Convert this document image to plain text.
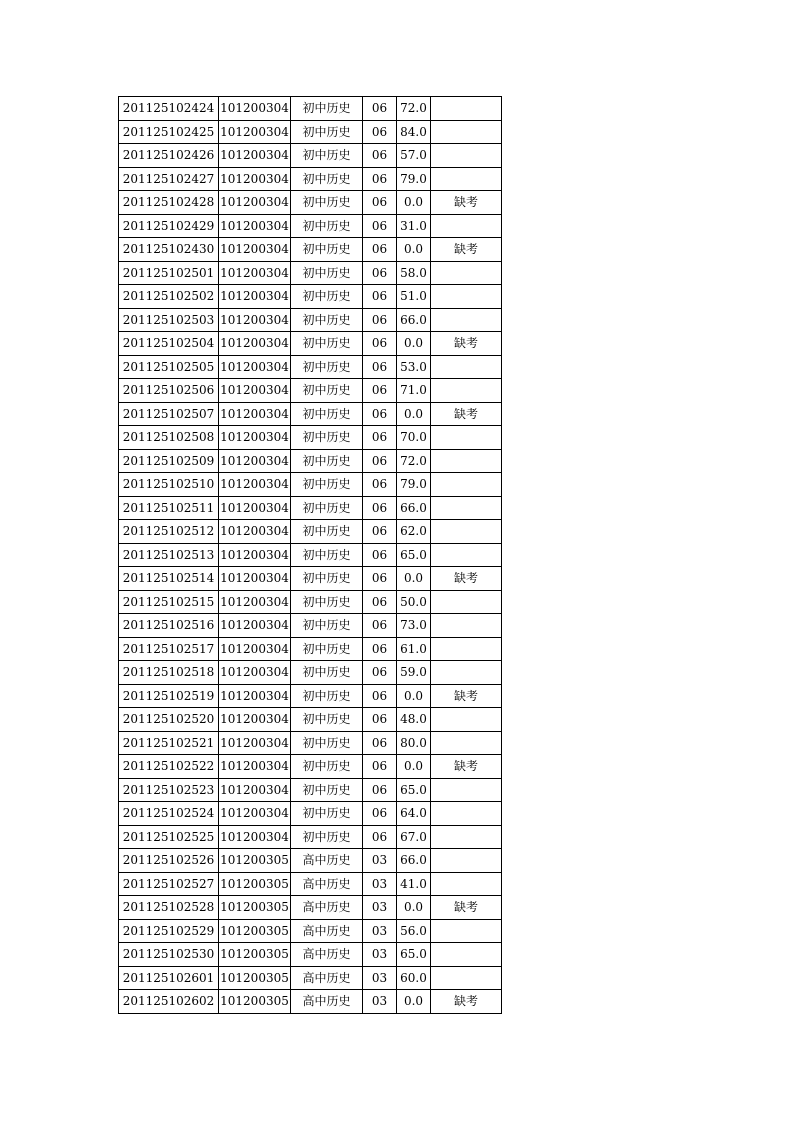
201125102424	101200304	初中历史	06	72.0	
201125102425	101200304	初中历史	06	84.0	
201125102426	101200304	初中历史	06	57.0	
201125102427	101200304	初中历史	06	79.0	
201125102428	101200304	初中历史	06	0.0	缺考
201125102429	101200304	初中历史	06	31.0	
201125102430	101200304	初中历史	06	0.0	缺考
201125102501	101200304	初中历史	06	58.0	
201125102502	101200304	初中历史	06	51.0	
201125102503	101200304	初中历史	06	66.0	
201125102504	101200304	初中历史	06	0.0	缺考
201125102505	101200304	初中历史	06	53.0	
201125102506	101200304	初中历史	06	71.0	
201125102507	101200304	初中历史	06	0.0	缺考
201125102508	101200304	初中历史	06	70.0	
201125102509	101200304	初中历史	06	72.0	
201125102510	101200304	初中历史	06	79.0	
201125102511	101200304	初中历史	06	66.0	
201125102512	101200304	初中历史	06	62.0	
201125102513	101200304	初中历史	06	65.0	
201125102514	101200304	初中历史	06	0.0	缺考
201125102515	101200304	初中历史	06	50.0	
201125102516	101200304	初中历史	06	73.0	
201125102517	101200304	初中历史	06	61.0	
201125102518	101200304	初中历史	06	59.0	
201125102519	101200304	初中历史	06	0.0	缺考
201125102520	101200304	初中历史	06	48.0	
201125102521	101200304	初中历史	06	80.0	
201125102522	101200304	初中历史	06	0.0	缺考
201125102523	101200304	初中历史	06	65.0	
201125102524	101200304	初中历史	06	64.0	
201125102525	101200304	初中历史	06	67.0	
201125102526	101200305	高中历史	03	66.0	
201125102527	101200305	高中历史	03	41.0	
201125102528	101200305	高中历史	03	0.0	缺考
201125102529	101200305	高中历史	03	56.0	
201125102530	101200305	高中历史	03	65.0	
201125102601	101200305	高中历史	03	60.0	
201125102602	101200305	高中历史	03	0.0	缺考
